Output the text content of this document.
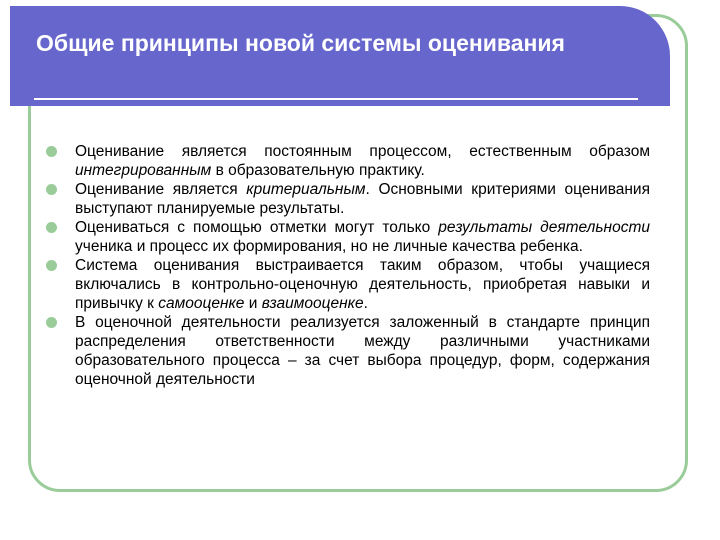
Общие принципы новой системы оценивания
Оценивание является постоянным процессом, естественным образом интегрированным в образовательную практику.
Оценивание является критериальным. Основными критериями оценивания выступают планируемые результаты.
Оцениваться с помощью отметки могут только результаты деятельности ученика и процесс их формирования, но не личные качества ребенка.
Система оценивания выстраивается таким образом, чтобы учащиеся включались в контрольно-оценочную деятельность, приобретая навыки и привычку к самооценке и взаимооценке.
В оценочной деятельности реализуется заложенный в стандарте принцип распределения ответственности между различными участниками образовательного процесса – за счет выбора процедур, форм, содержания оценочной деятельности
